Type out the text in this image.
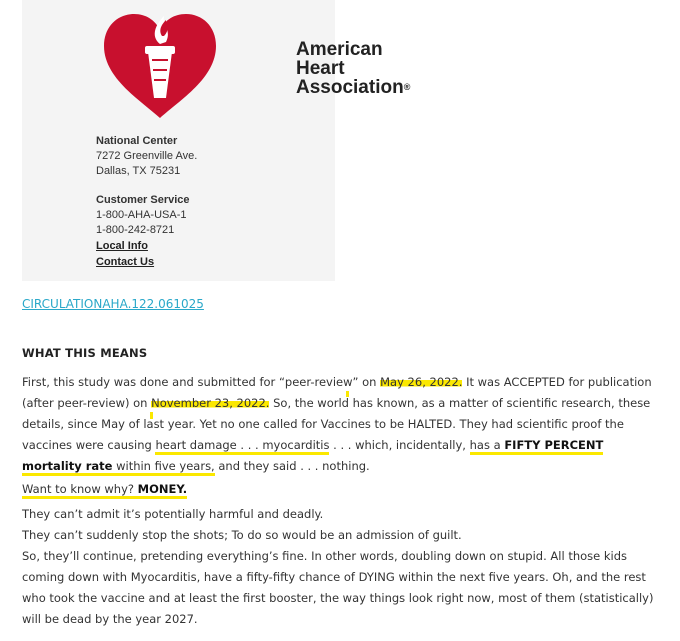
American
Heart
Association®

National Center

7272 Greenville Ave.

Dallas, TX 75231

Customer Service

1-800-AHA-USA-1

1-800-242-8721

Local Info
Contact Us
CIRCULATIONAHA.122.061025
WHAT THIS MEANS

First, this study was done and submitted for “peer-review” on May 26, 2022. It was ACCEPTED for publication (after peer-review) on November 23, 2022. So, the world has known, as a matter of scientific research, these details, since May of last year. Yet no one called for Vaccines to be HALTED. They had scientific proof the vaccines were causing heart damage . . . myocarditis . . . which, incidentally, has a FIFTY PERCENT mortality rate within five years, and they said . . . nothing.

Want to know why? MONEY.

They can’t admit it’s potentially harmful and deadly.

They can’t suddenly stop the shots; To do so would be an admission of guilt.

So, they’ll continue, pretending everything’s fine. In other words, doubling down on stupid. All those kids coming down with Myocarditis, have a fifty-fifty chance of DYING within the next five years. Oh, and the rest who took the vaccine and at least the first booster, the way things look right now, most of them (statistically) will be dead by the year 2027.
